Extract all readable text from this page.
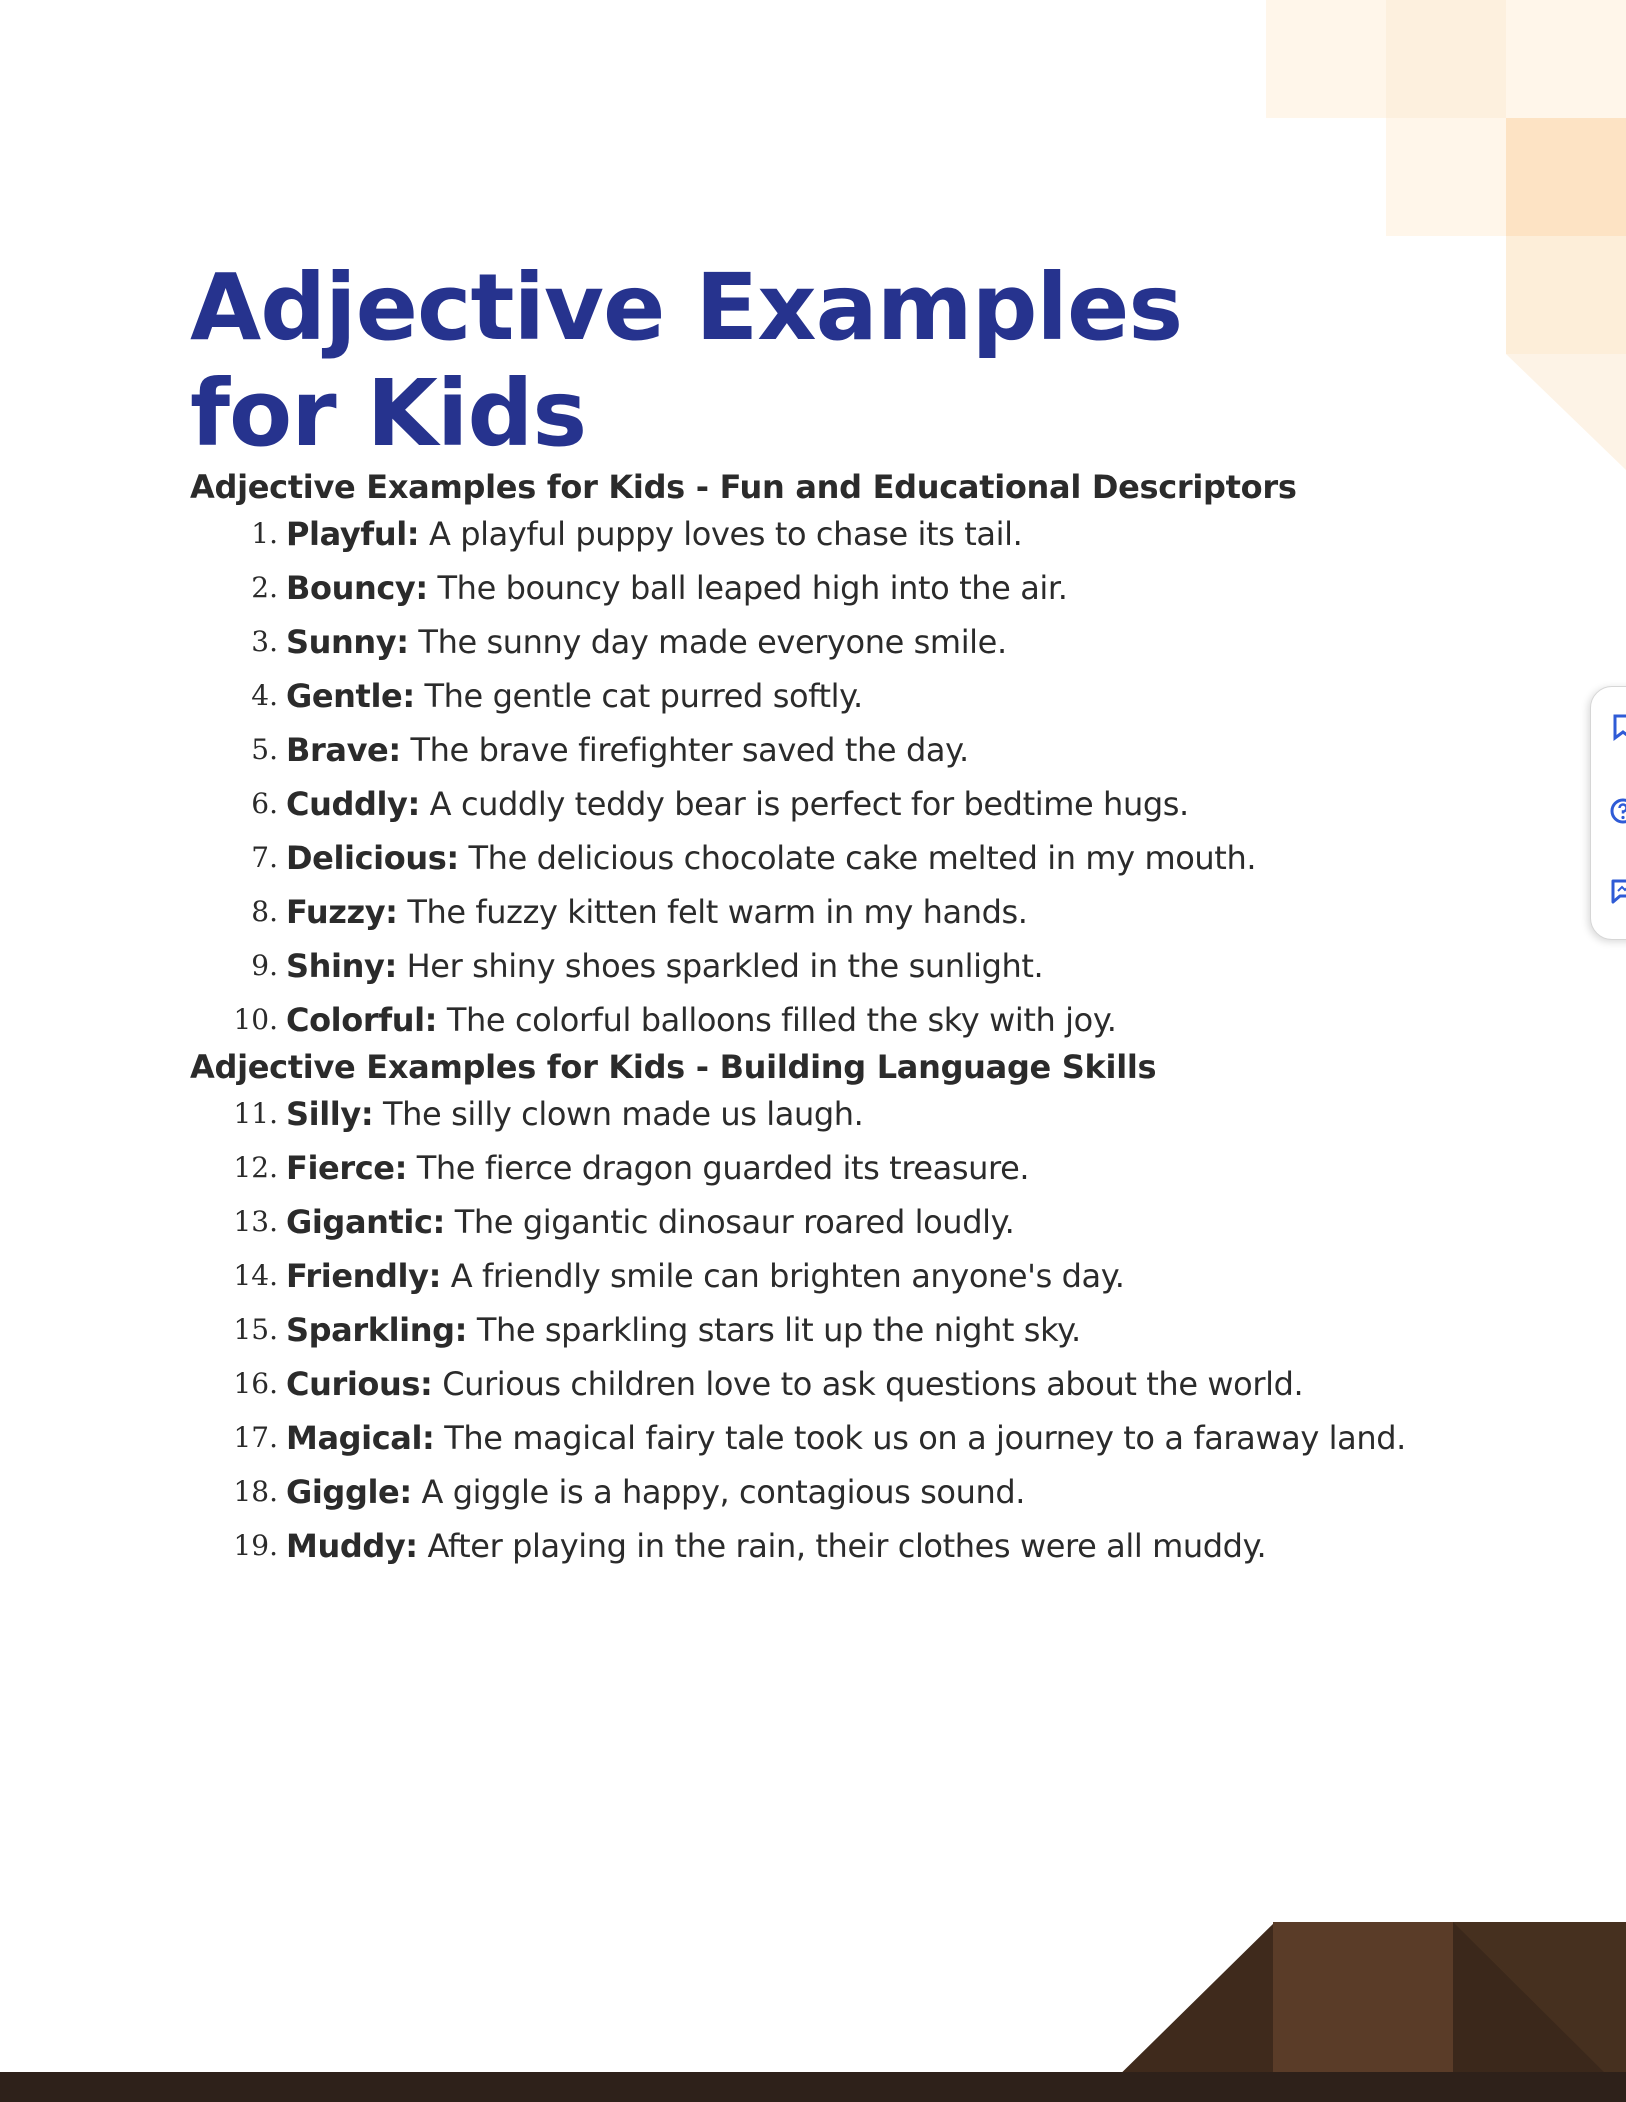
Adjective Examples
for Kids
Adjective Examples for Kids - Fun and Educational Descriptors
1. Playful: A playful puppy loves to chase its tail.
2. Bouncy: The bouncy ball leaped high into the air.
3. Sunny: The sunny day made everyone smile.
4. Gentle: The gentle cat purred softly.
5. Brave: The brave firefighter saved the day.
6. Cuddly: A cuddly teddy bear is perfect for bedtime hugs.
7. Delicious: The delicious chocolate cake melted in my mouth.
8. Fuzzy: The fuzzy kitten felt warm in my hands.
9. Shiny: Her shiny shoes sparkled in the sunlight.
10. Colorful: The colorful balloons filled the sky with joy.
Adjective Examples for Kids - Building Language Skills
11. Silly: The silly clown made us laugh.
12. Fierce: The fierce dragon guarded its treasure.
13. Gigantic: The gigantic dinosaur roared loudly.
14. Friendly: A friendly smile can brighten anyone's day.
15. Sparkling: The sparkling stars lit up the night sky.
16. Curious: Curious children love to ask questions about the world.
17. Magical: The magical fairy tale took us on a journey to a faraway land.
18. Giggle: A giggle is a happy, contagious sound.
19. Muddy: After playing in the rain, their clothes were all muddy.
